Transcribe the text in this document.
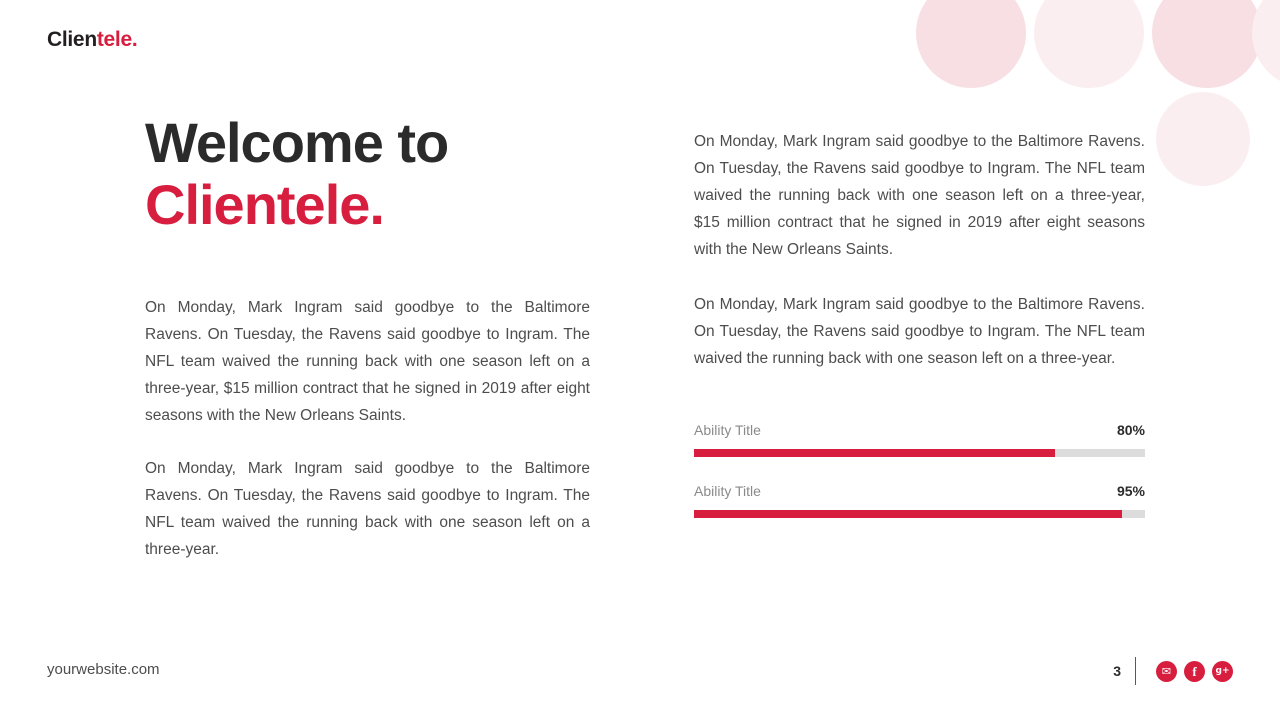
Clientele.
Welcome to
Clientele.

On Monday, Mark Ingram said goodbye to the Baltimore Ravens. On Tuesday, the Ravens said goodbye to Ingram. The NFL team waived the running back with one season left on a three-year, $15 million contract that he signed in 2019 after eight seasons with the New Orleans Saints.

On Monday, Mark Ingram said goodbye to the Baltimore Ravens. On Tuesday, the Ravens said goodbye to Ingram. The NFL team waived the running back with one season left on a three-year.

On Monday, Mark Ingram said goodbye to the Baltimore Ravens. On Tuesday, the Ravens said goodbye to Ingram. The NFL team waived the running back with one season left on a three-year, $15 million contract that he signed in 2019 after eight seasons with the New Orleans Saints.

On Monday, Mark Ingram said goodbye to the Baltimore Ravens. On Tuesday, the Ravens said goodbye to Ingram. The NFL team waived the running back with one season left on a three-year.

Ability Title	80%
Ability Title	95%
yourwebsite.com	3	✉	f	g+
